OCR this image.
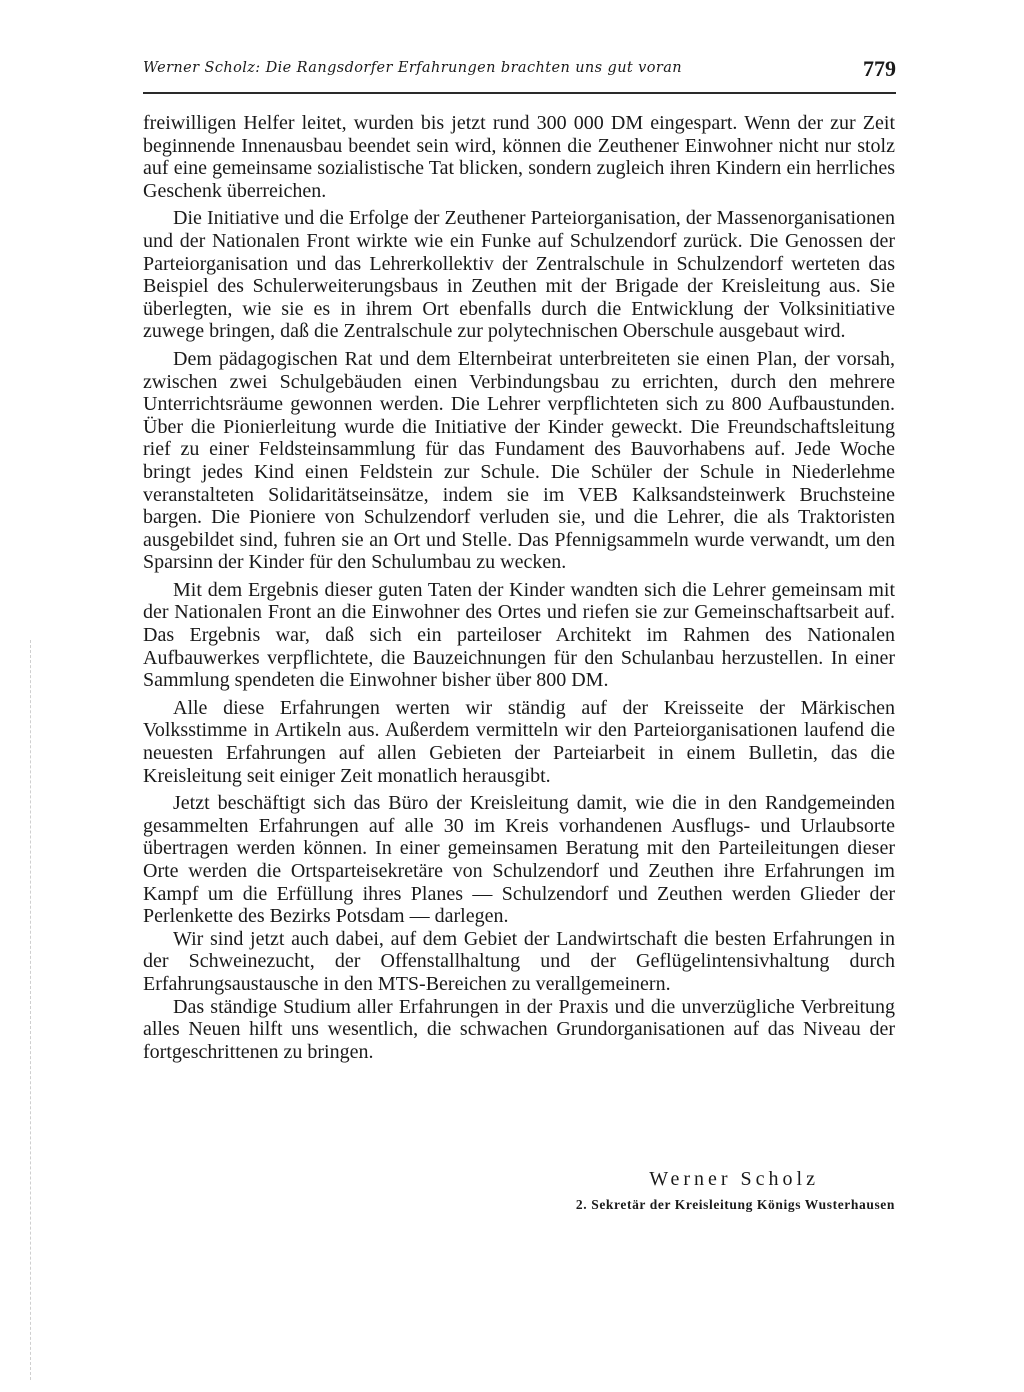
Werner Scholz: Die Rangsdorfer Erfahrungen brachten uns gut voran	779

freiwilligen Helfer leitet, wurden bis jetzt rund 300 000 DM eingespart. Wenn der zur Zeit beginnende Innenausbau beendet sein wird, können die Zeuthener Einwohner nicht nur stolz auf eine gemeinsame sozialistische Tat blicken, sondern zugleich ihren Kindern ein herrliches Geschenk überreichen.

Die Initiative und die Erfolge der Zeuthener Parteiorganisation, der Massenorganisationen und der Nationalen Front wirkte wie ein Funke auf Schulzendorf zurück. Die Genossen der Parteiorganisation und das Lehrerkollektiv der Zentralschule in Schulzendorf werteten das Beispiel des Schulerweiterungsbaus in Zeuthen mit der Brigade der Kreisleitung aus. Sie überlegten, wie sie es in ihrem Ort ebenfalls durch die Entwicklung der Volksinitiative zuwege bringen, daß die Zentralschule zur polytechnischen Oberschule ausgebaut wird.

Dem pädagogischen Rat und dem Elternbeirat unterbreiteten sie einen Plan, der vorsah, zwischen zwei Schulgebäuden einen Verbindungsbau zu errichten, durch den mehrere Unterrichtsräume gewonnen werden. Die Lehrer verpflichteten sich zu 800 Aufbaustunden. Über die Pionierleitung wurde die Initiative der Kinder geweckt. Die Freundschaftsleitung rief zu einer Feldsteinsammlung für das Fundament des Bauvorhabens auf. Jede Woche bringt jedes Kind einen Feldstein zur Schule. Die Schüler der Schule in Niederlehme veranstalteten Solidaritätseinsätze, indem sie im VEB Kalksandsteinwerk Bruchsteine bargen. Die Pioniere von Schulzendorf verluden sie, und die Lehrer, die als Traktoristen ausgebildet sind, fuhren sie an Ort und Stelle. Das Pfennigsammeln wurde verwandt, um den Sparsinn der Kinder für den Schulumbau zu wecken.

Mit dem Ergebnis dieser guten Taten der Kinder wandten sich die Lehrer gemeinsam mit der Nationalen Front an die Einwohner des Ortes und riefen sie zur Gemeinschaftsarbeit auf. Das Ergebnis war, daß sich ein parteiloser Architekt im Rahmen des Nationalen Aufbauwerkes verpflichtete, die Bauzeichnungen für den Schulanbau herzustellen. In einer Sammlung spendeten die Einwohner bisher über 800 DM.

Alle diese Erfahrungen werten wir ständig auf der Kreisseite der Märkischen Volksstimme in Artikeln aus. Außerdem vermitteln wir den Parteiorganisationen laufend die neuesten Erfahrungen auf allen Gebieten der Parteiarbeit in einem Bulletin, das die Kreisleitung seit einiger Zeit monatlich herausgibt.

Jetzt beschäftigt sich das Büro der Kreisleitung damit, wie die in den Randgemeinden gesammelten Erfahrungen auf alle 30 im Kreis vorhandenen Ausflugs- und Urlaubsorte übertragen werden können. In einer gemeinsamen Beratung mit den Parteileitungen dieser Orte werden die Ortsparteisekretäre von Schulzendorf und Zeuthen ihre Erfahrungen im Kampf um die Erfüllung ihres Planes — Schulzendorf und Zeuthen werden Glieder der Perlenkette des Bezirks Potsdam — darlegen.

Wir sind jetzt auch dabei, auf dem Gebiet der Landwirtschaft die besten Erfahrungen in der Schweinezucht, der Offenstallhaltung und der Geflügelintensivhaltung durch Erfahrungsaustausche in den MTS-Bereichen zu verallgemeinern.

Das ständige Studium aller Erfahrungen in der Praxis und die unverzügliche Verbreitung alles Neuen hilft uns wesentlich, die schwachen Grundorganisationen auf das Niveau der fortgeschrittenen zu bringen.

Werner Scholz
2. Sekretär der Kreisleitung Königs Wusterhausen
